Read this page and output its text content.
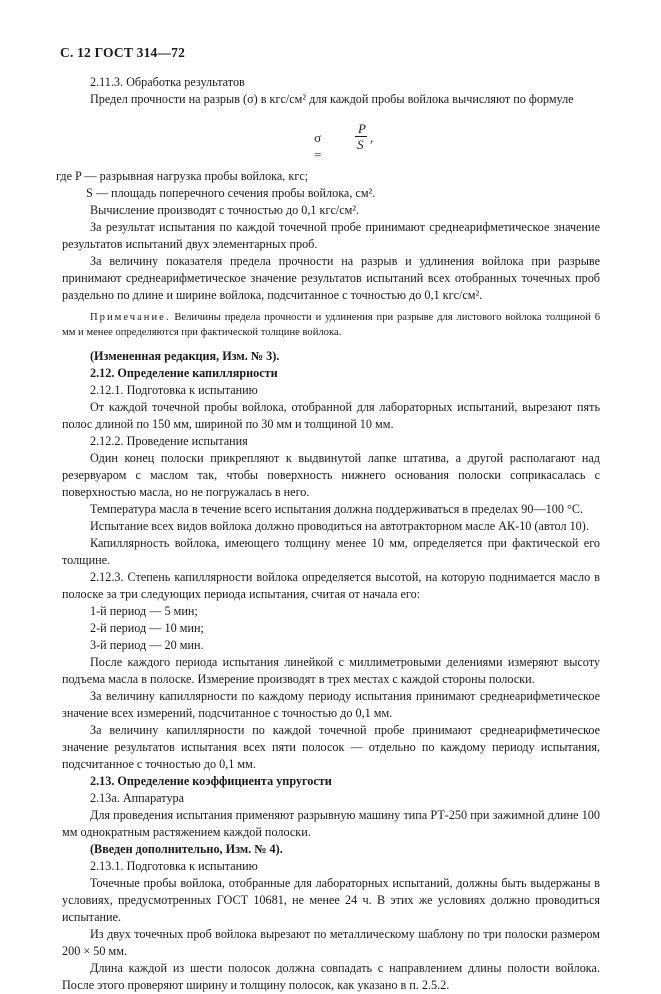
С. 12 ГОСТ 314—72

2.11.3. Обработка результатов

Предел прочности на разрыв (σ) в кгс/см² для каждой пробы войлока вычисляют по формуле

σ =
P
S ,

где P — разрывная нагрузка пробы войлока, кгс;

S — площадь поперечного сечения пробы войлока, см².

Вычисление производят с точностью до 0,1 кгс/см².

За результат испытания по каждой точечной пробе принимают среднеарифметическое значение результатов испытаний двух элементарных проб.

За величину показателя предела прочности на разрыв и удлинения войлока при разрыве принимают среднеарифметическое значение результатов испытаний всех отобранных точечных проб раздельно по длине и ширине войлока, подсчитанное с точностью до 0,1 кгс/см².

Примечание. Величины предела прочности и удлинения при разрыве для листового войлока толщиной 6 мм и менее определяются при фактической толщине войлока.

(Измененная редакция, Изм. № 3).

2.12. Определение капиллярности

2.12.1. Подготовка к испытанию

От каждой точечной пробы войлока, отобранной для лабораторных испытаний, вырезают пять полос длиной по 150 мм, шириной по 30 мм и толщиной 10 мм.

2.12.2. Проведение испытания

Один конец полоски прикрепляют к выдвинутой лапке штатива, а другой располагают над резервуаром с маслом так, чтобы поверхность нижнего основания полоски соприкасалась с поверхностью масла, но не погружалась в него.

Температура масла в течение всего испытания должна поддерживаться в пределах 90—100 °С.

Испытание всех видов войлока должно проводиться на автотракторном масле АК-10 (автол 10).

Капиллярность войлока, имеющего толщину менее 10 мм, определяется при фактической его толщине.

2.12.3. Степень капиллярности войлока определяется высотой, на которую поднимается масло в полоске за три следующих периода испытания, считая от начала его:

1-й период — 5 мин;

2-й период — 10 мин;

3-й период — 20 мин.

После каждого периода испытания линейкой с миллиметровыми делениями измеряют высоту подъема масла в полоске. Измерение производят в трех местах с каждой стороны полоски.

За величину капиллярности по каждому периоду испытания принимают среднеарифметическое значение всех измерений, подсчитанное с точностью до 0,1 мм.

За величину капиллярности по каждой точечной пробе принимают среднеарифметическое значение результатов испытания всех пяти полосок — отдельно по каждому периоду испытания, подсчитанное с точностью до 0,1 мм.

2.13. Определение коэффициента упругости

2.13а. Аппаратура

Для проведения испытания применяют разрывную машину типа РТ-250 при зажимной длине 100 мм однократным растяжением каждой полоски.

(Введен дополнительно, Изм. № 4).

2.13.1. Подготовка к испытанию

Точечные пробы войлока, отобранные для лабораторных испытаний, должны быть выдержаны в условиях, предусмотренных ГОСТ 10681, не менее 24 ч. В этих же условиях должно проводиться испытание.

Из двух точечных проб войлока вырезают по металлическому шаблону по три полоски размером 200 × 50 мм.

Длина каждой из шести полосок должна совпадать с направлением длины полости войлока. После этого проверяют ширину и толщину полосок, как указано в п. 2.5.2.
